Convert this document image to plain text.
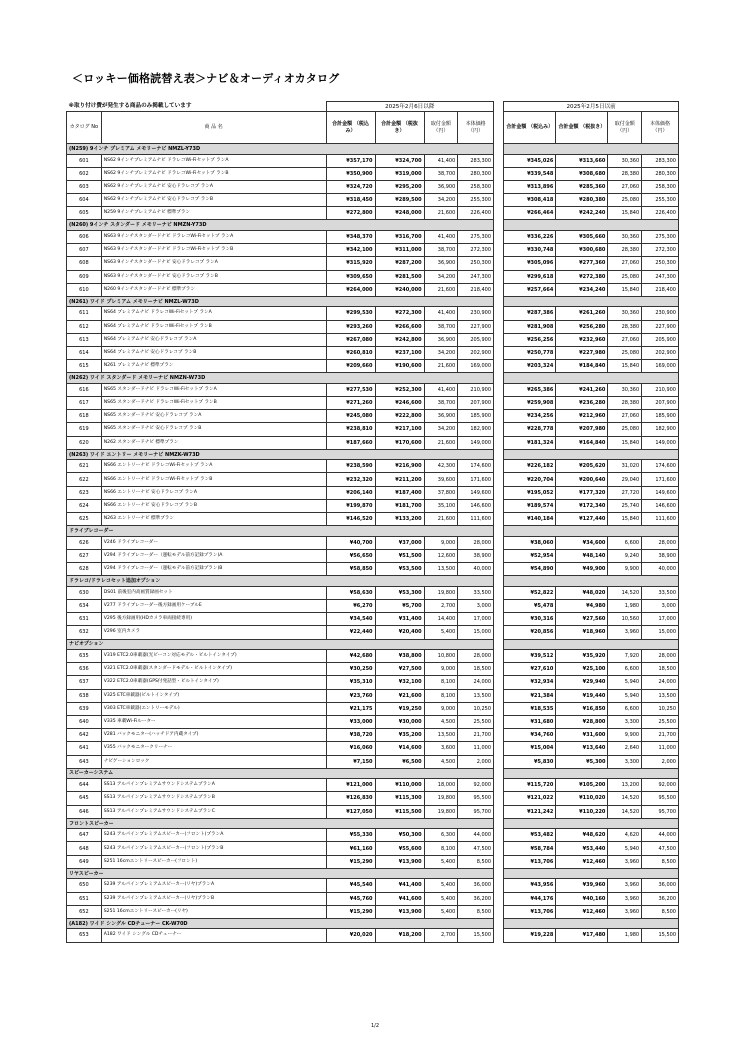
＜ロッキー価格読替え表＞ナビ＆オーディオカタログ
※取り付け費が発生する商品のみ掲載しています		2025年2月6日以降					2025年2月5日以前			
カタログ No	商 品 名	合計金額 （税込み）	合計金額 （税抜き）	取付金額 （円）	本体価格 （円）		合計金額 （税込み）	合計金額 （税抜き）	取付金額 （円）	本体価格 （円）
(N259) 9インチ プレミアム メモリーナビ NMZL-Y73D										
601	NS62 9インチプレミアムナビ ドラレコWi-Fiセットプ ランA	¥357,170	¥324,700	41,400	283,300		¥345,026	¥313,660	30,360	283,300
602	NS62 9インチプレミアムナビ ドラレコWi-Fiセットプ ランB	¥350,900	¥319,000	38,700	280,300		¥339,548	¥308,680	28,380	280,300
603	NS62 9インチプレミアムナビ 安心ドラレコプ ランA	¥324,720	¥295,200	36,900	258,300		¥313,896	¥285,360	27,060	258,300
604	NS62 9インチプレミアムナビ 安心ドラレコプ ランB	¥318,450	¥289,500	34,200	255,300		¥308,418	¥280,380	25,080	255,300
605	N259 9インチプレミアムナビ 標準プラン	¥272,800	¥248,000	21,600	226,400		¥266,464	¥242,240	15,840	226,400
(N260) 9インチ スタンダード メモリーナビ NMZN-Y73D										
606	NS63 9インチスタンダードナビ ドラレコWi-Fiセットプ ランA	¥348,370	¥316,700	41,400	275,300		¥336,226	¥305,660	30,360	275,300
607	NS63 9インチスタンダードナビ ドラレコWi-Fiセットプ ランB	¥342,100	¥311,000	38,700	272,300		¥330,748	¥300,680	28,380	272,300
608	NS63 9インチスタンダードナビ 安心ドラレコプ ランA	¥315,920	¥287,200	36,900	250,300		¥305,096	¥277,360	27,060	250,300
609	NS63 9インチスタンダードナビ 安心ドラレコプ ランB	¥309,650	¥281,500	34,200	247,300		¥299,618	¥272,380	25,080	247,300
610	N260 9インチスタンダードナビ 標準プラン	¥264,000	¥240,000	21,600	218,400		¥257,664	¥234,240	15,840	218,400
(N261) ワイド プレミアム メモリーナビ NMZL-W73D										
611	NS64 プレミアムナビ ドラレコWi-Fiセットプ ランA	¥299,530	¥272,300	41,400	230,900		¥287,386	¥261,260	30,360	230,900
612	NS64 プレミアムナビ ドラレコWi-Fiセットプ ランB	¥293,260	¥266,600	38,700	227,900		¥281,908	¥256,280	28,380	227,900
613	NS64 プレミアムナビ 安心ドラレコプ ランA	¥267,080	¥242,800	36,900	205,900		¥256,256	¥232,960	27,060	205,900
614	NS64 プレミアムナビ 安心ドラレコプ ランB	¥260,810	¥237,100	34,200	202,900		¥250,778	¥227,980	25,080	202,900
615	N261 プレミアムナビ 標準プラン	¥209,660	¥190,600	21,600	169,000		¥203,324	¥184,840	15,840	169,000
(N262) ワイド スタンダード メモリーナビ NMZN-W73D										
616	NS65 スタンダードナビ ドラレコWi-Fiセットプ ランA	¥277,530	¥252,300	41,400	210,900		¥265,386	¥241,260	30,360	210,900
617	NS65 スタンダードナビ ドラレコWi-Fiセットプ ランB	¥271,260	¥246,600	38,700	207,900		¥259,908	¥236,280	28,380	207,900
618	NS65 スタンダードナビ 安心ドラレコプ ランA	¥245,080	¥222,800	36,900	185,900		¥234,256	¥212,960	27,060	185,900
619	NS65 スタンダードナビ 安心ドラレコプ ランB	¥238,810	¥217,100	34,200	182,900		¥228,778	¥207,980	25,080	182,900
620	N262 スタンダードナビ 標準プラン	¥187,660	¥170,600	21,600	149,000		¥181,324	¥164,840	15,840	149,000
(N263) ワイド エントリー メモリーナビ NMZK-W73D										
621	NS66 エントリーナビ ドラレコWi-Fiセットプ ランA	¥238,590	¥216,900	42,300	174,600		¥226,182	¥205,620	31,020	174,600
622	NS66 エントリーナビ ドラレコWi-Fiセットプ ランB	¥232,320	¥211,200	39,600	171,600		¥220,704	¥200,640	29,040	171,600
623	NS66 エントリーナビ 安心ドラレコプ ランA	¥206,140	¥187,400	37,800	149,600		¥195,052	¥177,320	27,720	149,600
624	NS66 エントリーナビ 安心ドラレコプ ランB	¥199,870	¥181,700	35,100	146,600		¥189,574	¥172,340	25,740	146,600
625	N263 エントリーナビ 標準プラン	¥146,520	¥133,200	21,600	111,600		¥140,184	¥127,440	15,840	111,600
ドライブレコーダー										
626	V246 ドライブレコーダー	¥40,700	¥37,000	9,000	28,000		¥38,060	¥34,600	6,600	28,000
627	V294 ドライブレコーダー（運転モデル前方記録プラン)A	¥56,650	¥51,500	12,600	38,900		¥52,954	¥48,140	9,240	38,900
628	V294 ドライブレコーダー（運転モデル前方記録プラン)B	¥58,850	¥53,500	13,500	40,000		¥54,890	¥49,900	9,900	40,000
ドラレコ/ドラレコセット追加オプション										
630	DS01 前後室内高画質録画セット	¥58,630	¥53,300	19,800	33,500		¥52,822	¥48,020	14,520	33,500
634	V277 ドライブレコーダー後方録画用ケーブルE	¥6,270	¥5,700	2,700	3,000		¥5,478	¥4,980	1,980	3,000
631	V295 後方録画用(HDカメラ車両接続専用)	¥34,540	¥31,400	14,400	17,000		¥30,316	¥27,560	10,560	17,000
632	V296 室内カメラ	¥22,440	¥20,400	5,400	15,000		¥20,856	¥18,960	3,960	15,000
ナビオプション										
635	V319 ETC2.0車載器(光ビーコン対応モデル・ビルトインタイプ)	¥42,680	¥38,800	10,800	28,000		¥39,512	¥35,920	7,920	28,000
636	V321 ETC2.0車載器(スタンダードモデル・ビルトインタイプ)	¥30,250	¥27,500	9,000	18,500		¥27,610	¥25,100	6,600	18,500
637	V322 ETC2.0車載器(GPS付発話型・ビルトインタイプ)	¥35,310	¥32,100	8,100	24,000		¥32,934	¥29,940	5,940	24,000
638	V325 ETC車載器(ビルトインタイプ)	¥23,760	¥21,600	8,100	13,500		¥21,384	¥19,440	5,940	13,500
639	V303 ETC車載器(エントリーモデル)	¥21,175	¥19,250	9,000	10,250		¥18,535	¥16,850	6,600	10,250
640	V335 車載Wi-Fiルーター	¥33,000	¥30,000	4,500	25,500		¥31,680	¥28,800	3,300	25,500
642	V281 バックモニター(ハッチドア内蔵タイプ)	¥38,720	¥35,200	13,500	21,700		¥34,760	¥31,600	9,900	21,700
641	V355 バックモニタークリーナー	¥16,060	¥14,600	3,600	11,000		¥15,004	¥13,640	2,640	11,000
643	ナビゲーションロック	¥7,150	¥6,500	4,500	2,000		¥5,830	¥5,300	3,300	2,000
スピーカーシステム										
644	SS13 アルパインプレミアムサウンドシステムプランA	¥121,000	¥110,000	18,000	92,000		¥115,720	¥105,200	13,200	92,000
645	SS13 アルパインプレミアムサウンドシステムプランB	¥126,830	¥115,300	19,800	95,500		¥121,022	¥110,020	14,520	95,500
646	SS13 アルパインプレミアムサウンドシステムプランC	¥127,050	¥115,500	19,800	95,700		¥121,242	¥110,220	14,520	95,700
フロントスピーカー										
647	S243 アルパインプレミアムスピーカー(フロント)プランA	¥55,330	¥50,300	6,300	44,000		¥53,482	¥48,620	4,620	44,000
648	S243 アルパインプレミアムスピーカー(フロント)プランB	¥61,160	¥55,600	8,100	47,500		¥58,784	¥53,440	5,940	47,500
649	S251 16cmエントリースピーカー(フロント)	¥15,290	¥13,900	5,400	8,500		¥13,706	¥12,460	3,960	8,500
リヤスピーカー										
650	S239 アルパインプレミアムスピーカー(リヤ)プランA	¥45,540	¥41,400	5,400	36,000		¥43,956	¥39,960	3,960	36,000
651	S239 アルパインプレミアムスピーカー(リヤ)プランB	¥45,760	¥41,600	5,400	36,200		¥44,176	¥40,160	3,960	36,200
652	S251 16cmエントリースピーカー(リヤ)	¥15,290	¥13,900	5,400	8,500		¥13,706	¥12,460	3,960	8,500
(A182) ワイド シングル CDチューナー CK-W70D										
653	A182 ワイド シングル CDチューナー	¥20,020	¥18,200	2,700	15,500		¥19,228	¥17,480	1,980	15,500
1/2
